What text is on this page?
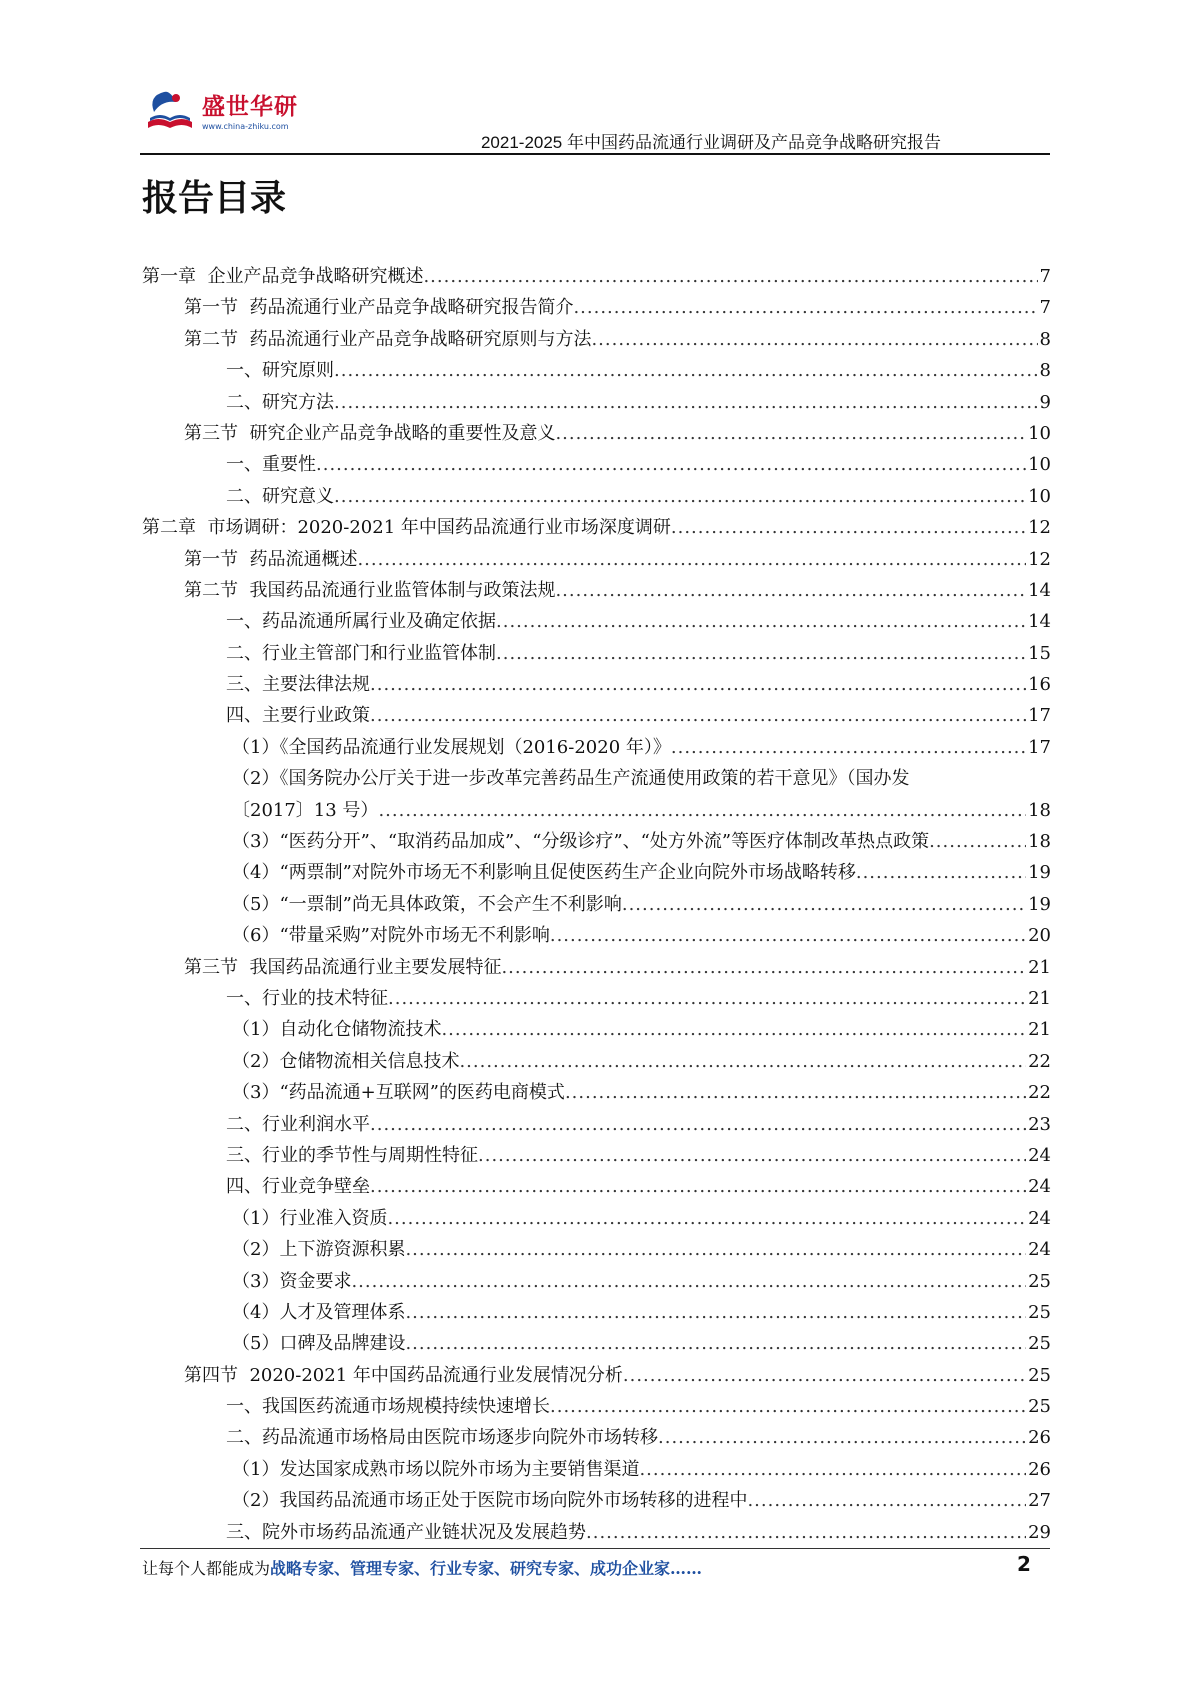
盛世华研
www.china-zhiku.com
2021-2025 年中国药品流通行业调研及产品竞争战略研究报告
报告目录
第一章  企业产品竞争战略研究概述 .....	7
第一节  药品流通行业产品竞争战略研究报告简介 .....	7
第二节  药品流通行业产品竞争战略研究原则与方法 .....	8
一、研究原则 .....	8
二、研究方法 .....	9
第三节  研究企业产品竞争战略的重要性及意义 .....	10
一、重要性 .....	10
二、研究意义 .....	10
第二章  市场调研：2020-2021 年中国药品流通行业市场深度调研 .....	12
第一节  药品流通概述 .....	12
第二节  我国药品流通行业监管体制与政策法规 .....	14
一、药品流通所属行业及确定依据 .....	14
二、行业主管部门和行业监管体制 .....	15
三、主要法律法规 .....	16
四、主要行业政策 .....	17
（1）《全国药品流通行业发展规划（2016-2020 年）》 .....	17
（2）《国务院办公厅关于进一步改革完善药品生产流通使用政策的若干意见》（国办发
〔2017〕13 号） .....	18
（3）“医药分开”、“取消药品加成”、“分级诊疗”、“处方外流”等医疗体制改革热点政策 .....	18
（4）“两票制”对院外市场无不利影响且促使医药生产企业向院外市场战略转移 .....	19
（5）“一票制”尚无具体政策，不会产生不利影响 .....	19
（6）“带量采购”对院外市场无不利影响 .....	20
第三节  我国药品流通行业主要发展特征 .....	21
一、行业的技术特征 .....	21
（1）自动化仓储物流技术 .....	21
（2）仓储物流相关信息技术 .....	22
（3）“药品流通+互联网”的医药电商模式 .....	22
二、行业利润水平 .....	23
三、行业的季节性与周期性特征 .....	24
四、行业竞争壁垒 .....	24
（1）行业准入资质 .....	24
（2）上下游资源积累 .....	24
（3）资金要求 .....	25
（4）人才及管理体系 .....	25
（5）口碑及品牌建设 .....	25
第四节  2020-2021 年中国药品流通行业发展情况分析 .....	25
一、我国医药流通市场规模持续快速增长 .....	25
二、药品流通市场格局由医院市场逐步向院外市场转移 .....	26
（1）发达国家成熟市场以院外市场为主要销售渠道 .....	26
（2）我国药品流通市场正处于医院市场向院外市场转移的进程中 .....	27
三、院外市场药品流通产业链状况及发展趋势 .....	29
让每个人都能成为战略专家、管理专家、行业专家、研究专家、成功企业家……	2
